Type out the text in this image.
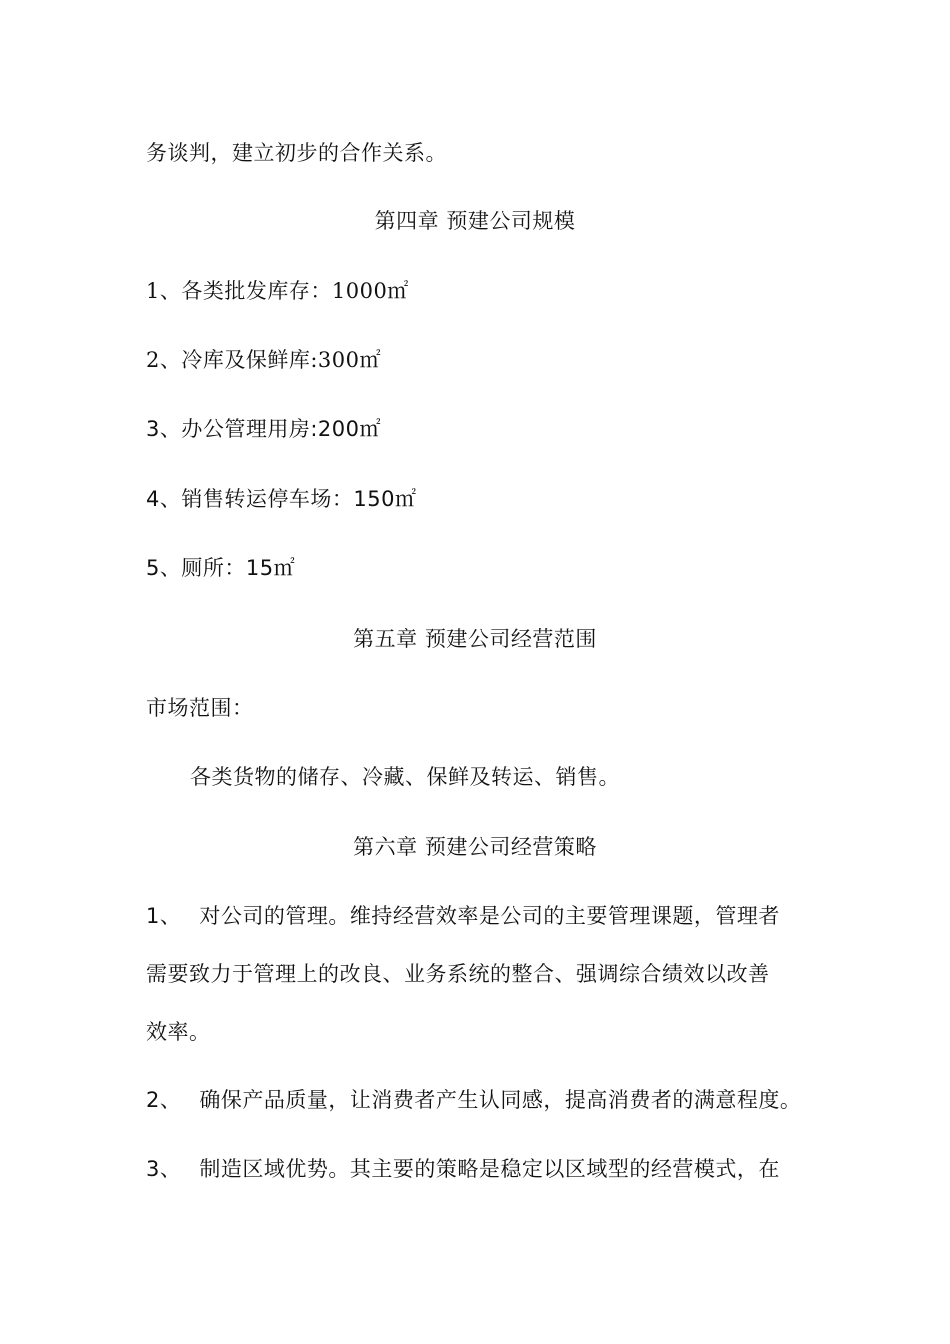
务谈判，建立初步的合作关系。
第四章 预建公司规模
1、各类批发库存：1000㎡
2、冷库及保鲜库:300㎡
3、办公管理用房:200㎡
4、销售转运停车场：150㎡
5、厕所：15㎡
第五章 预建公司经营范围
市场范围：
各类货物的储存、冷藏、保鲜及转运、销售。
第六章 预建公司经营策略
1、 对公司的管理。维持经营效率是公司的主要管理课题，管理者
需要致力于管理上的改良、业务系统的整合、强调综合绩效以改善
效率。
2、 确保产品质量，让消费者产生认同感，提高消费者的满意程度。
3、 制造区域优势。其主要的策略是稳定以区域型的经营模式，在
